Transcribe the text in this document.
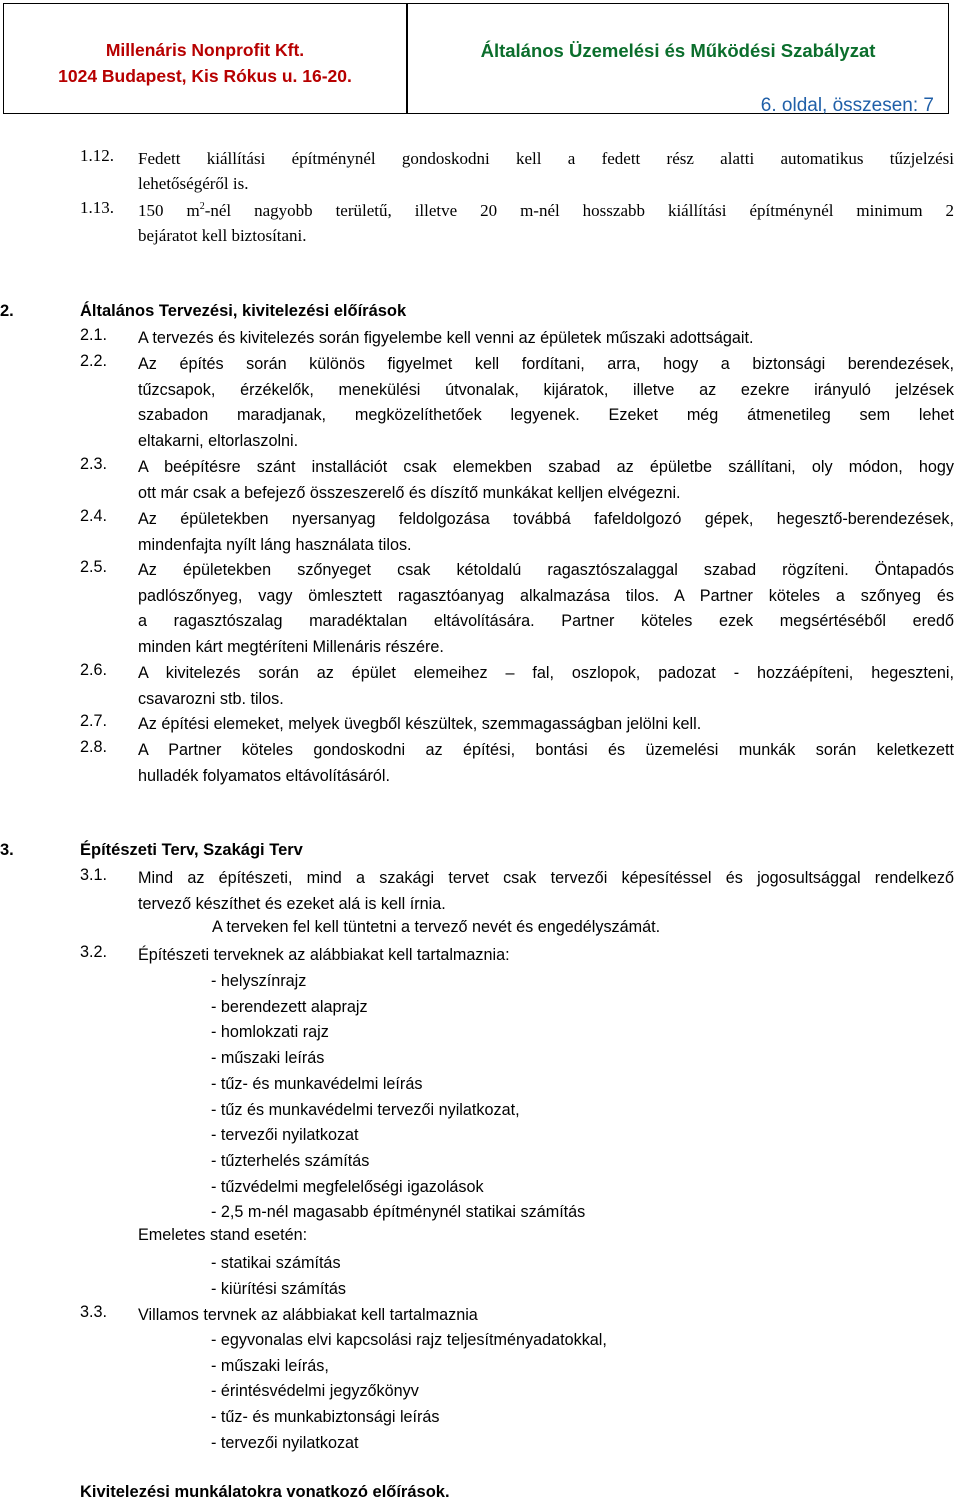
Millenáris Nonprofit Kft.
1024 Budapest, Kis Rókus u. 16-20.
Általános Üzemelési és Működési Szabályzat
6. oldal, összesen: 7
1.12. Fedett kiállítási építménynél gondoskodni kell a fedett rész alatti automatikus tűzjelzési
lehetőségéről is.
1.13. 150 $m^2$-nél nagyobb területű, illetve 20 m-nél hosszabb kiállítási építménynél minimum 2
bejáratot kell biztosítani.
2.	Általános Tervezési, kivitelezési előírások
2.1. A tervezés és kivitelezés során figyelembe kell venni az épületek műszaki adottságait.
2.2. Az építés során különös figyelmet kell fordítani, arra, hogy a biztonsági berendezések,
tűzcsapok, érzékelők, menekülési útvonalak, kijáratok, illetve az ezekre irányuló jelzések
szabadon maradjanak, megközelíthetőek legyenek. Ezeket még átmenetileg sem lehet
eltakarni, eltorlaszolni.
2.3. A beépítésre szánt installációt csak elemekben szabad az épületbe szállítani, oly módon, hogy
ott már csak a befejező összeszerelő és díszítő munkákat kelljen elvégezni.
2.4. Az épületekben nyersanyag feldolgozása továbbá fafeldolgozó gépek, hegesztő-berendezések,
mindenfajta nyílt láng használata tilos.
2.5. Az épületekben szőnyeget csak kétoldalú ragasztószalaggal szabad rögzíteni. Öntapadós
padlószőnyeg, vagy ömlesztett ragasztóanyag alkalmazása tilos. A Partner köteles a szőnyeg és
a ragasztószalag maradéktalan eltávolítására. Partner köteles ezek megsértéséből eredő
minden kárt megtéríteni Millenáris részére.
2.6. A kivitelezés során az épület elemeihez – fal, oszlopok, padozat - hozzáépíteni, hegeszteni,
csavarozni stb. tilos.
2.7. Az építési elemeket, melyek üvegből készültek, szemmagasságban jelölni kell.
2.8. A Partner köteles gondoskodni az építési, bontási és üzemelési munkák során keletkezett
hulladék folyamatos eltávolításáról.
3.	Építészeti Terv, Szakági Terv
3.1. Mind az építészeti, mind a szakági tervet csak tervezői képesítéssel és jogosultsággal rendelkező
tervező készíthet és ezeket alá is kell írnia.
A terveken fel kell tüntetni a tervező nevét és engedélyszámát.
3.2. Építészeti terveknek az alábbiakat kell tartalmaznia:
- helyszínrajz
- berendezett alaprajz
- homlokzati rajz
- műszaki leírás
- tűz- és munkavédelmi leírás
- tűz és munkavédelmi tervezői nyilatkozat,
- tervezői nyilatkozat
- tűzterhelés számítás
- tűzvédelmi megfelelőségi igazolások
- 2,5 m-nél magasabb építménynél statikai számítás
Emeletes stand esetén:
- statikai számítás
- kiürítési számítás
3.3. Villamos tervnek az alábbiakat kell tartalmaznia
- egyvonalas elvi kapcsolási rajz teljesítményadatokkal,
- műszaki leírás,
- érintésvédelmi jegyzőkönyv
- tűz- és munkabiztonsági leírás
- tervezői nyilatkozat
Kivitelezési munkálatokra vonatkozó előírások.
